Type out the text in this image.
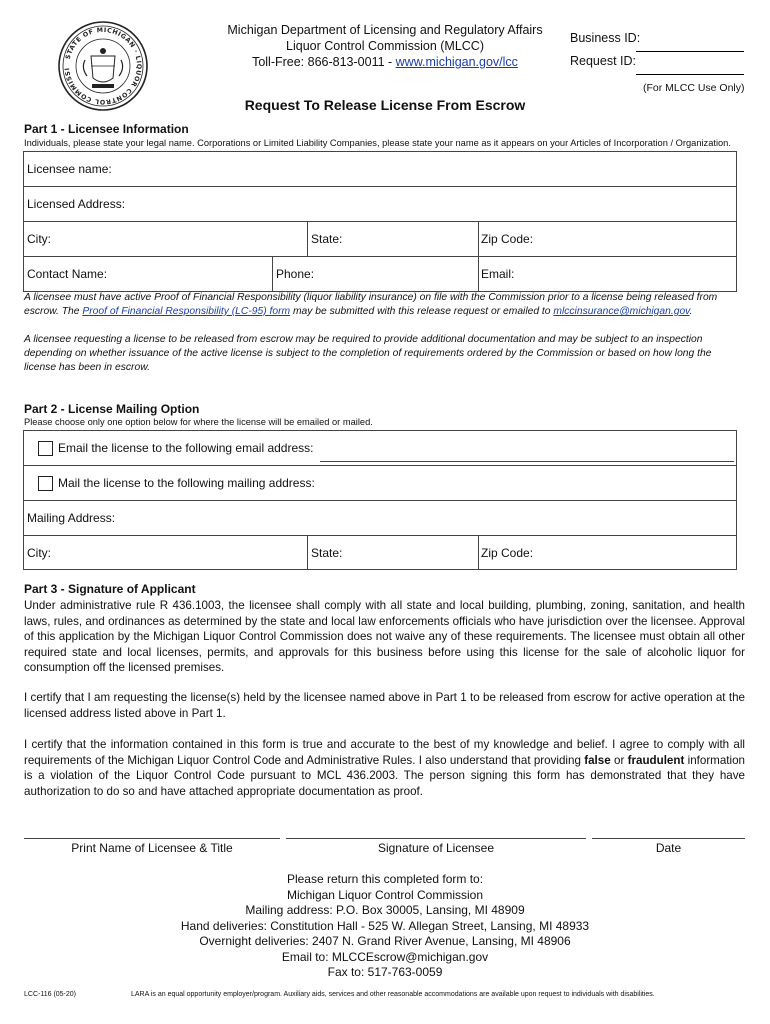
STATE OF MICHIGAN · LIQUOR CONTROL COMMISSI
Michigan Department of Licensing and Regulatory Affairs
Liquor Control Commission (MLCC)
Toll-Free: 866-813-0011 - www.michigan.gov/lcc
Business ID:
Request ID:
(For MLCC Use Only)
Request To Release License From Escrow
Part 1 - Licensee Information
Individuals, please state your legal name. Corporations or Limited Liability Companies, please state your name as it appears on your Articles of Incorporation / Organization.
Licensee name:
Licensed Address:
City:	State:	Zip Code:
Contact Name:	Phone:	Email:
A licensee must have active Proof of Financial Responsibility (liquor liability insurance) on file with the Commission prior to a license being released from escrow. The Proof of Financial Responsibility (LC-95) form may be submitted with this release request or emailed to mlccinsurance@michigan.gov.
A licensee requesting a license to be released from escrow may be required to provide additional documentation and may be subject to an inspection depending on whether issuance of the active license is subject to the completion of requirements ordered by the Commission or based on how long the license has been in escrow.
Part 2 - License Mailing Option
Please choose only one option below for where the license will be emailed or mailed.
Email the license to the following email address:
Mail the license to the following mailing address:
Mailing Address:
City:	State:	Zip Code:
Part 3 - Signature of Applicant
Under administrative rule R 436.1003, the licensee shall comply with all state and local building, plumbing, zoning, sanitation, and health laws, rules, and ordinances as determined by the state and local law enforcements officials who have jurisdiction over the licensee. Approval of this application by the Michigan Liquor Control Commission does not waive any of these requirements. The licensee must obtain all other required state and local licenses, permits, and approvals for this business before using this license for the sale of alcoholic liquor for consumption off the licensed premises.
I certify that I am requesting the license(s) held by the licensee named above in Part 1 to be released from escrow for active operation at the licensed address listed above in Part 1.
I certify that the information contained in this form is true and accurate to the best of my knowledge and belief. I agree to comply with all requirements of the Michigan Liquor Control Code and Administrative Rules. I also understand that providing false or fraudulent information is a violation of the Liquor Control Code pursuant to MCL 436.2003. The person signing this form has demonstrated that they have authorization to do so and have attached appropriate documentation as proof.
Print Name of Licensee & Title	Signature of Licensee	Date
Please return this completed form to:
Michigan Liquor Control Commission
Mailing address: P.O. Box 30005, Lansing, MI 48909
Hand deliveries: Constitution Hall - 525 W. Allegan Street, Lansing, MI 48933
Overnight deliveries: 2407 N. Grand River Avenue, Lansing, MI 48906
Email to: MLCCEscrow@michigan.gov
Fax to: 517-763-0059
LCC-116 (05-20)	LARA is an equal opportunity employer/program. Auxiliary aids, services and other reasonable accommodations are available upon request to individuals with disabilities.
